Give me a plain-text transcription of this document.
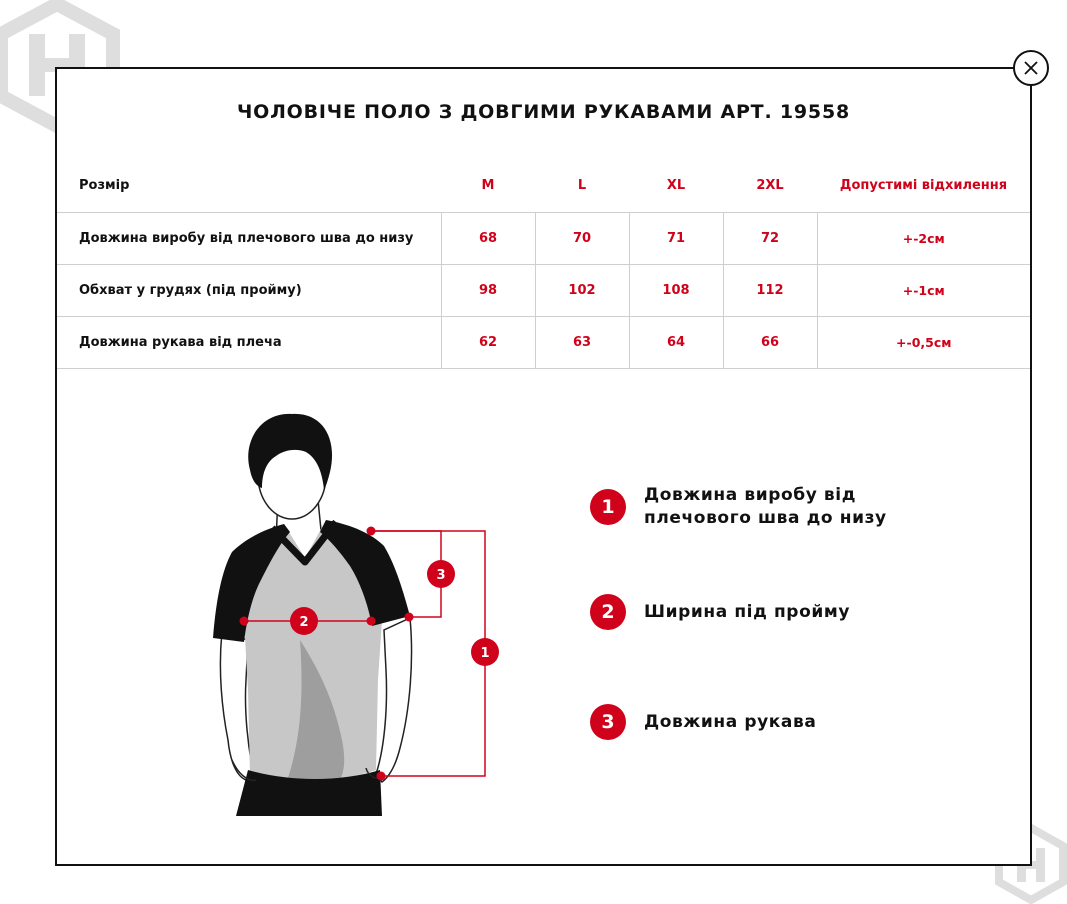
ЧОЛОВІЧЕ ПОЛО З ДОВГИМИ РУКАВАМИ АРТ. 19558
Розмір	M	L	XL	2XL	Допустимі відхилення
Довжина виробу від плечового шва до низу	68	70	71	72	+-2см
Обхват у грудях (під пройму)	98	102	108	112	+-1см
Довжина рукава від плеча	62	63	64	66	+-0,5см
1
2
3
1
Довжина виробу від плечового шва до низу
2	Ширина під пройму
3	Довжина рукава
